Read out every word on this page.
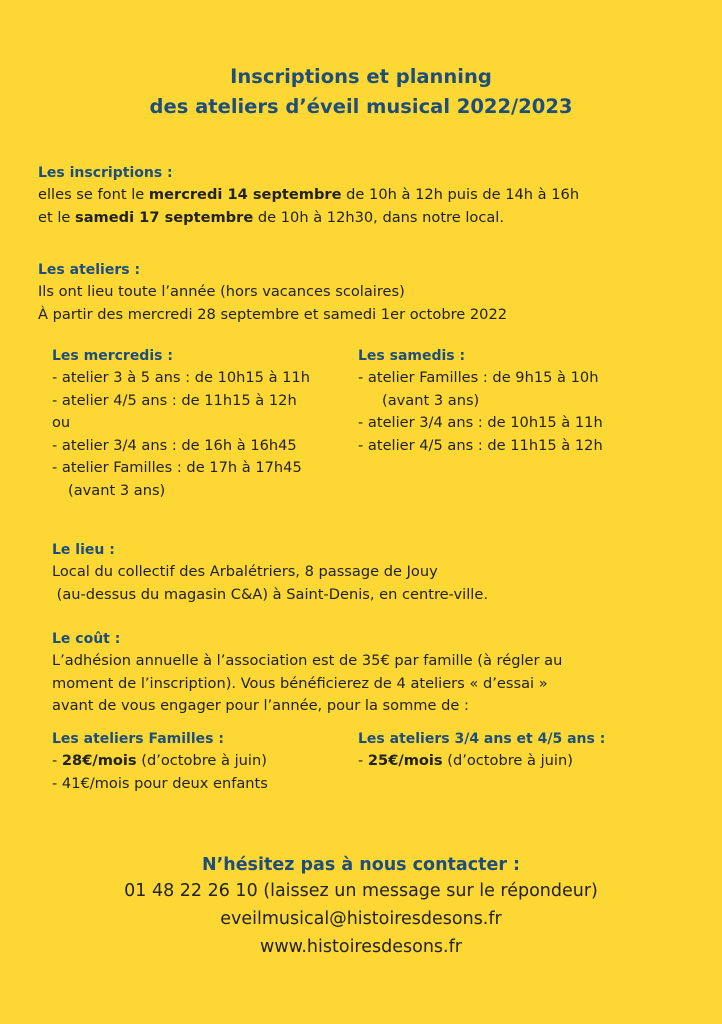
Inscriptions et planning
des ateliers d’éveil musical 2022/2023
Les inscriptions :
elles se font le mercredi 14 septembre de 10h à 12h puis de 14h à 16h
et le samedi 17 septembre de 10h à 12h30, dans notre local.
Les ateliers :
Ils ont lieu toute l’année (hors vacances scolaires)
À partir des mercredi 28 septembre et samedi 1er octobre 2022
Les mercredis :
- atelier 3 à 5 ans : de 10h15 à 11h
- atelier 4/5 ans : de 11h15 à 12h
ou
- atelier 3/4 ans : de 16h à 16h45
- atelier Familles : de 17h à 17h45
(avant 3 ans)
Les samedis :
- atelier Familles : de 9h15 à 10h
(avant 3 ans)
- atelier 3/4 ans : de 10h15 à 11h
- atelier 4/5 ans : de 11h15 à 12h
Le lieu :
Local du collectif des Arbalétriers, 8 passage de Jouy
(au-dessus du magasin C&A) à Saint-Denis, en centre-ville.
Le coût :
L’adhésion annuelle à l’association est de 35€ par famille (à régler au
moment de l’inscription). Vous bénéficierez de 4 ateliers « d’essai »
avant de vous engager pour l’année, pour la somme de :
Les ateliers Familles :
- 28€/mois (d’octobre à juin)
- 41€/mois pour deux enfants
Les ateliers 3/4 ans et 4/5 ans :
- 25€/mois (d’octobre à juin)
N’hésitez pas à nous contacter :
01 48 22 26 10 (laissez un message sur le répondeur)
eveilmusical@histoiresdesons.fr
www.histoiresdesons.fr
